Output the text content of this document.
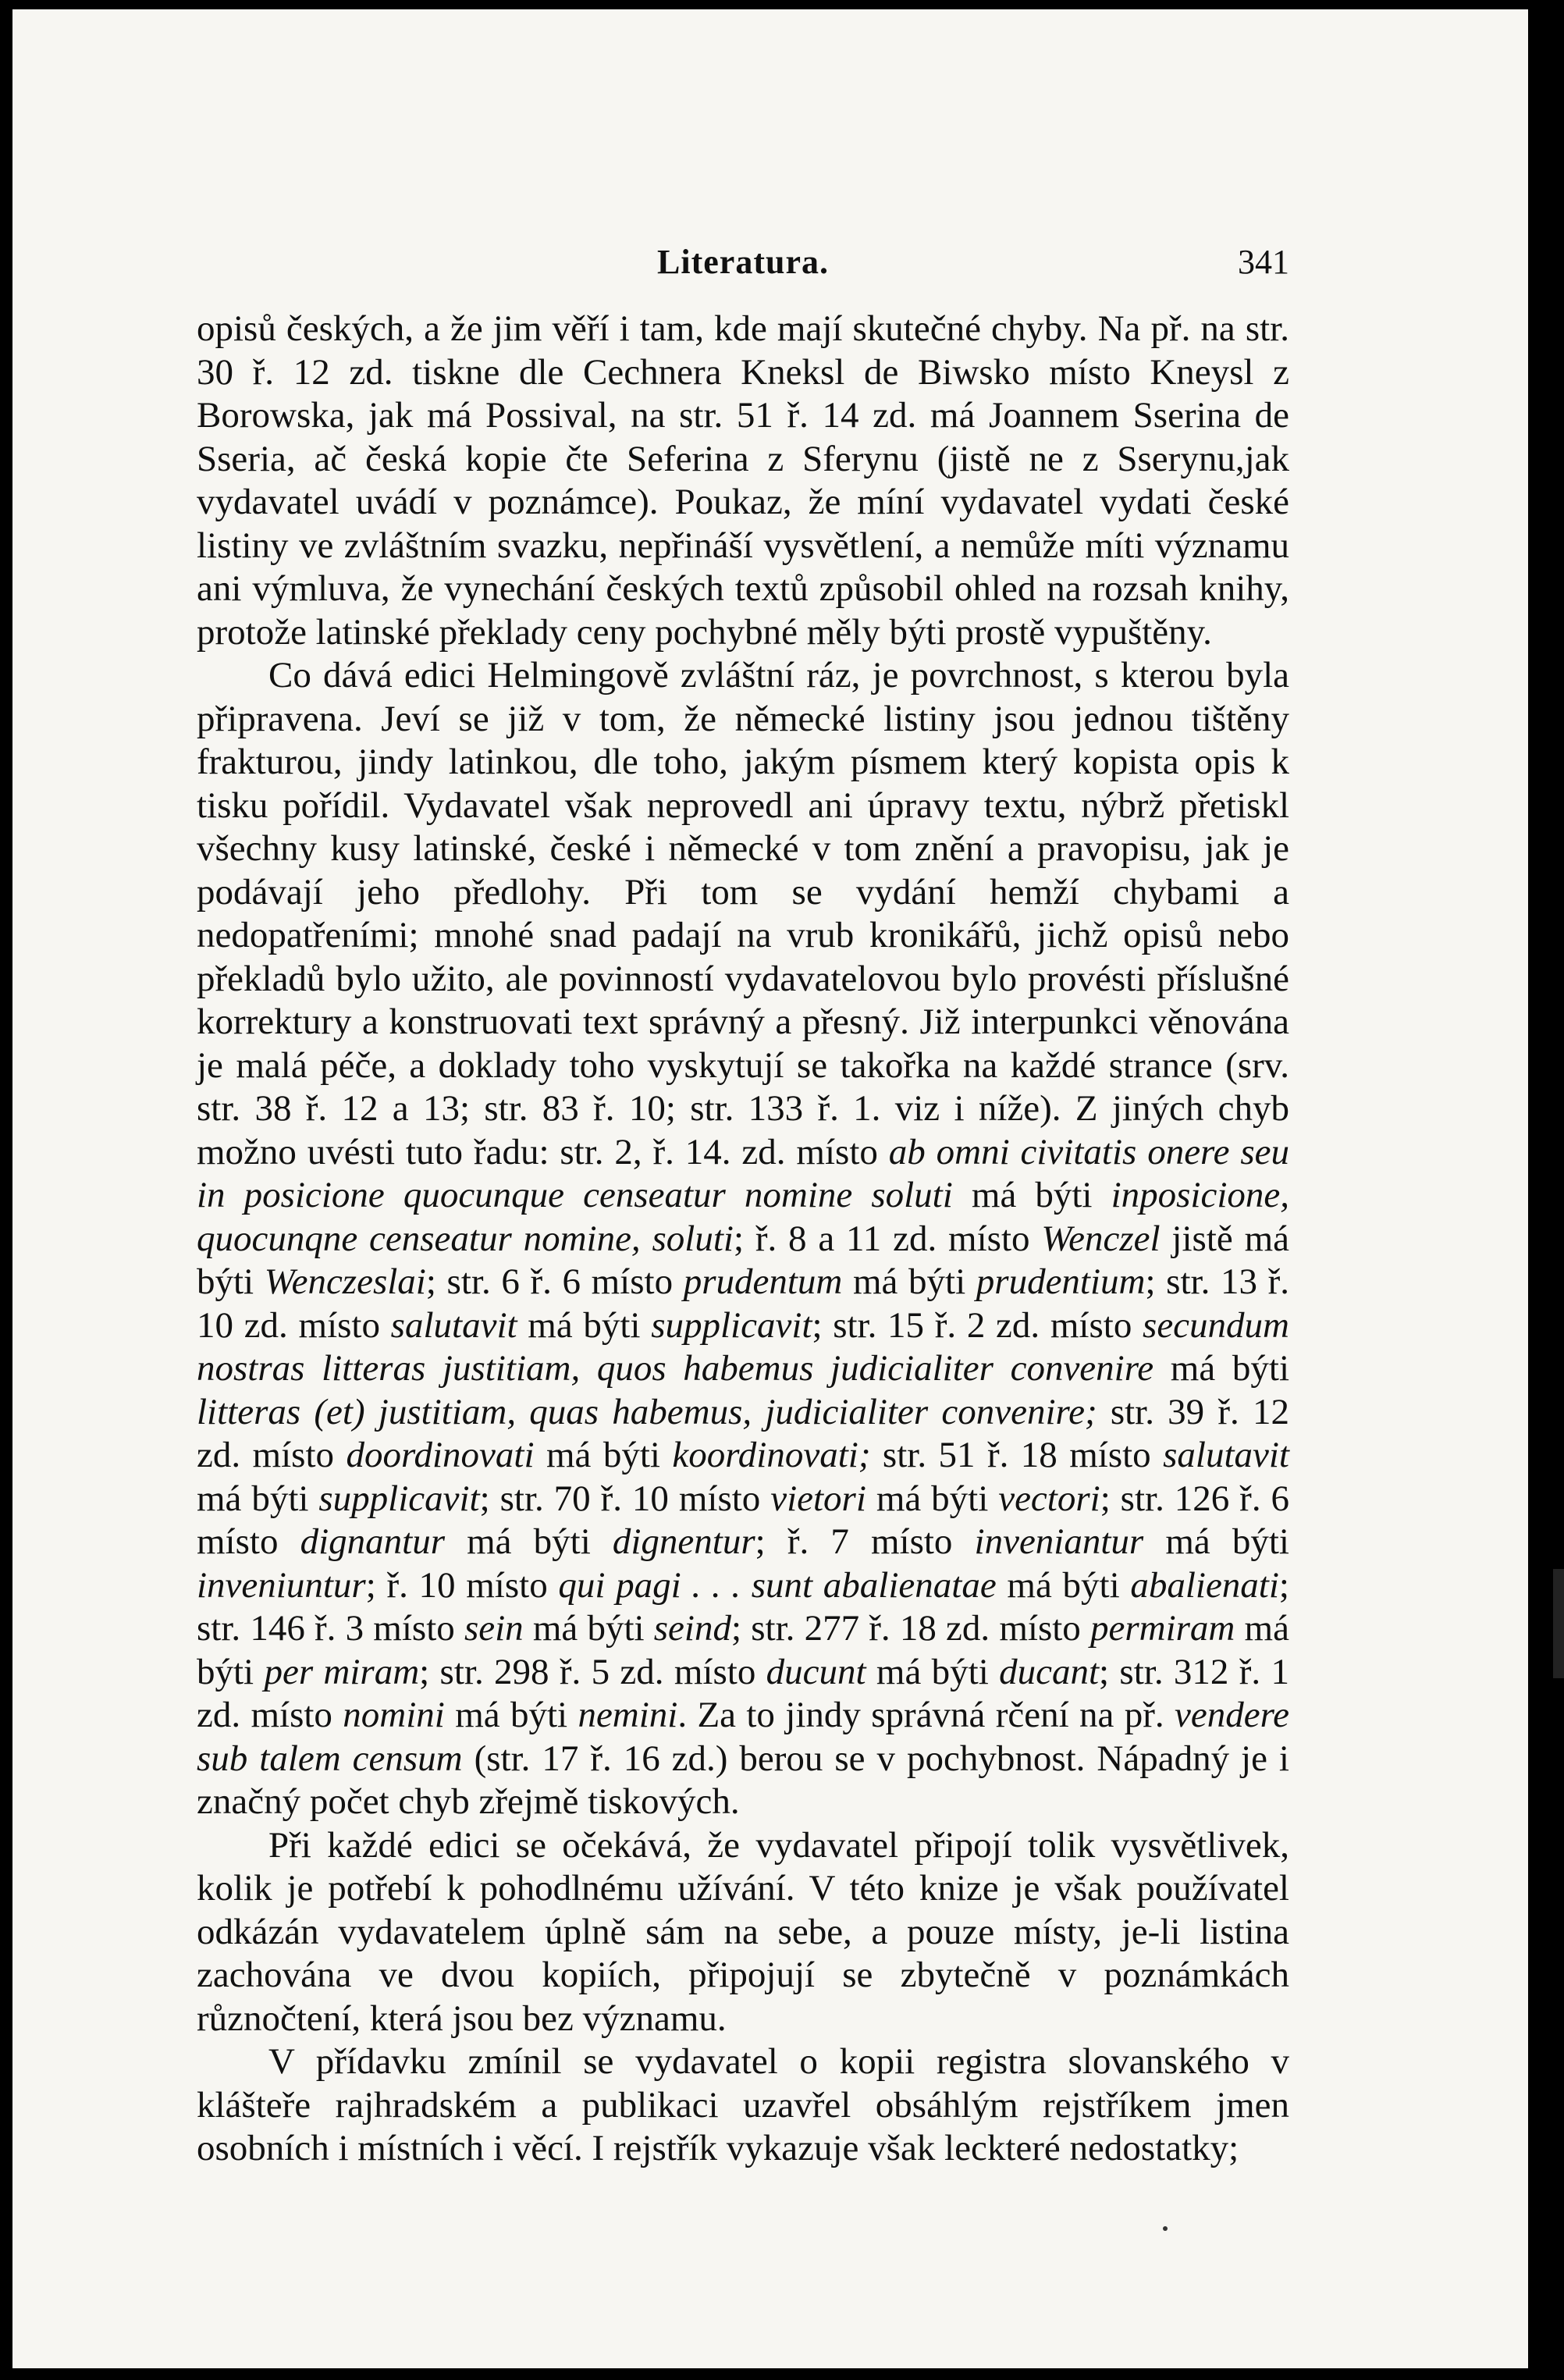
Literatura.	341

opisů českých, a že jim věří i tam, kde mají skutečné chyby. Na př. na str. 30 ř. 12 zd. tiskne dle Cechnera Kneksl de Biwsko místo Kneysl z Borowska, jak má Possival, na str. 51 ř. 14 zd. má Joannem Sserina de Sseria, ač česká kopie čte Seferina z Sferynu (jistě ne z Sserynu,jak vydavatel uvádí v poznámce). Poukaz, že míní vydavatel vydati české listiny ve zvláštním svazku, nepřináší vysvětlení, a nemůže míti významu ani výmluva, že vynechání českých textů způsobil ohled na rozsah knihy, protože latinské překlady ceny pochybné měly býti prostě vypuštěny.

Co dává edici Helmingově zvláštní ráz, je povrchnost, s kterou byla připravena. Jeví se již v tom, že německé listiny jsou jednou tištěny frakturou, jindy latinkou, dle toho, jakým písmem který kopista opis k tisku pořídil. Vydavatel však neprovedl ani úpravy textu, nýbrž přetiskl všechny kusy latinské, české i německé v tom znění a pravopisu, jak je podávají jeho předlohy. Při tom se vydání hemží chybami a nedopatřeními; mnohé snad padají na vrub kronikářů, jichž opisů nebo překladů bylo užito, ale povinností vydavatelovou bylo provésti příslušné korrektury a konstruovati text správný a přesný. Již interpunkci věnována je malá péče, a doklady toho vyskytují se takořka na každé strance (srv. str. 38 ř. 12 a 13; str. 83 ř. 10; str. 133 ř. 1. viz i níže). Z jiných chyb možno uvésti tuto řadu: str. 2, ř. 14. zd. místo ab omni civitatis onere seu in posicione quocunque censeatur nomine soluti má býti inposicione, quocunqne censeatur nomine, soluti; ř. 8 a 11 zd. místo Wenczel jistě má býti Wenczeslai; str. 6 ř. 6 místo prudentum má býti prudentium; str. 13 ř. 10 zd. místo salutavit má býti supplicavit; str. 15 ř. 2 zd. místo secundum nostras litteras justitiam, quos habemus judicialiter convenire má býti litteras (et) justitiam, quas habemus, judicialiter convenire; str. 39 ř. 12 zd. místo doordinovati má býti koordinovati; str. 51 ř. 18 místo salutavit má býti supplicavit; str. 70 ř. 10 místo vietori má býti vectori; str. 126 ř. 6 místo dignantur má býti dignentur; ř. 7 místo inveniantur má býti inveniuntur; ř. 10 místo qui pagi . . . sunt abalienatae má býti abalienati; str. 146 ř. 3 místo sein má býti seind; str. 277 ř. 18 zd. místo permiram má býti per miram; str. 298 ř. 5 zd. místo ducunt má býti ducant; str. 312 ř. 1 zd. místo nomini má býti nemini. Za to jindy správná rčení na př. vendere sub talem censum (str. 17 ř. 16 zd.) berou se v pochybnost. Nápadný je i značný počet chyb zřejmě tiskových.

Při každé edici se očekává, že vydavatel připojí tolik vysvětlivek, kolik je potřebí k pohodlnému užívání. V této knize je však používatel odkázán vydavatelem úplně sám na sebe, a pouze místy, je-li listina zachována ve dvou kopiích, připojují se zbytečně v poznámkách různočtení, která jsou bez významu.

V přídavku zmínil se vydavatel o kopii registra slovanského v klášteře rajhradském a publikaci uzavřel obsáhlým rejstříkem jmen osobních i místních i věcí. I rejstřík vykazuje však leckteré nedostatky;
